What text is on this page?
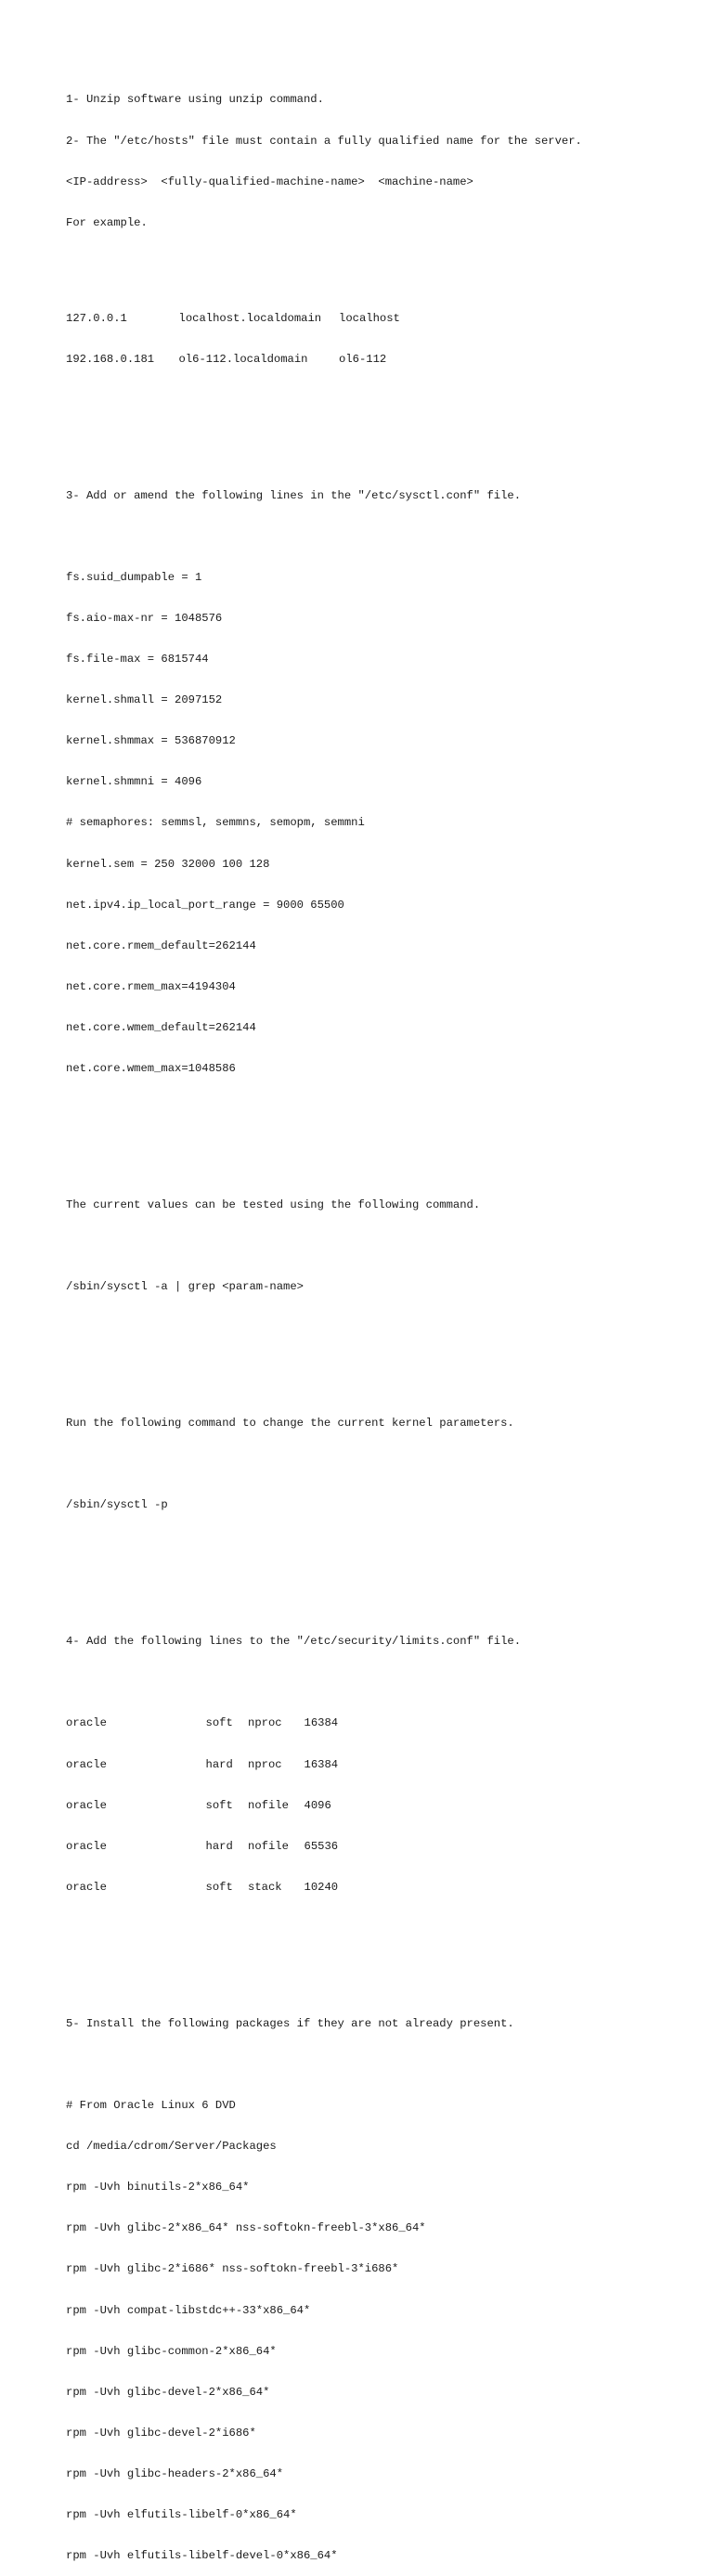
1- Unzip software using unzip command.

2- The "/etc/hosts" file must contain a fully qualified name for the server.

<IP-address>  <fully-qualified-machine-name>  <machine-name>

For example.

127.0.0.1	localhost.localdomain localhost

192.168.0.181 ol6-112.localdomain	ol6-112

3- Add or amend the following lines in the "/etc/sysctl.conf" file.

fs.suid_dumpable = 1

fs.aio-max-nr = 1048576

fs.file-max = 6815744

kernel.shmall = 2097152

kernel.shmmax = 536870912

kernel.shmmni = 4096

# semaphores: semmsl, semmns, semopm, semmni

kernel.sem = 250 32000 100 128

net.ipv4.ip_local_port_range = 9000 65500

net.core.rmem_default=262144

net.core.rmem_max=4194304

net.core.wmem_default=262144

net.core.wmem_max=1048586

The current values can be tested using the following command.

/sbin/sysctl -a | grep <param-name>

Run the following command to change the current kernel parameters.

/sbin/sysctl -p

4- Add the following lines to the "/etc/security/limits.conf" file.

oracle	soft nproc 16384

oracle	hard nproc 16384

oracle	soft nofile 4096

oracle	hard nofile 65536

oracle	soft stack 10240

5- Install the following packages if they are not already present.

# From Oracle Linux 6 DVD

cd /media/cdrom/Server/Packages

rpm -Uvh binutils-2*x86_64*

rpm -Uvh glibc-2*x86_64* nss-softokn-freebl-3*x86_64*

rpm -Uvh glibc-2*i686* nss-softokn-freebl-3*i686*

rpm -Uvh compat-libstdc++-33*x86_64*

rpm -Uvh glibc-common-2*x86_64*

rpm -Uvh glibc-devel-2*x86_64*

rpm -Uvh glibc-devel-2*i686*

rpm -Uvh glibc-headers-2*x86_64*

rpm -Uvh elfutils-libelf-0*x86_64*

rpm -Uvh elfutils-libelf-devel-0*x86_64*
